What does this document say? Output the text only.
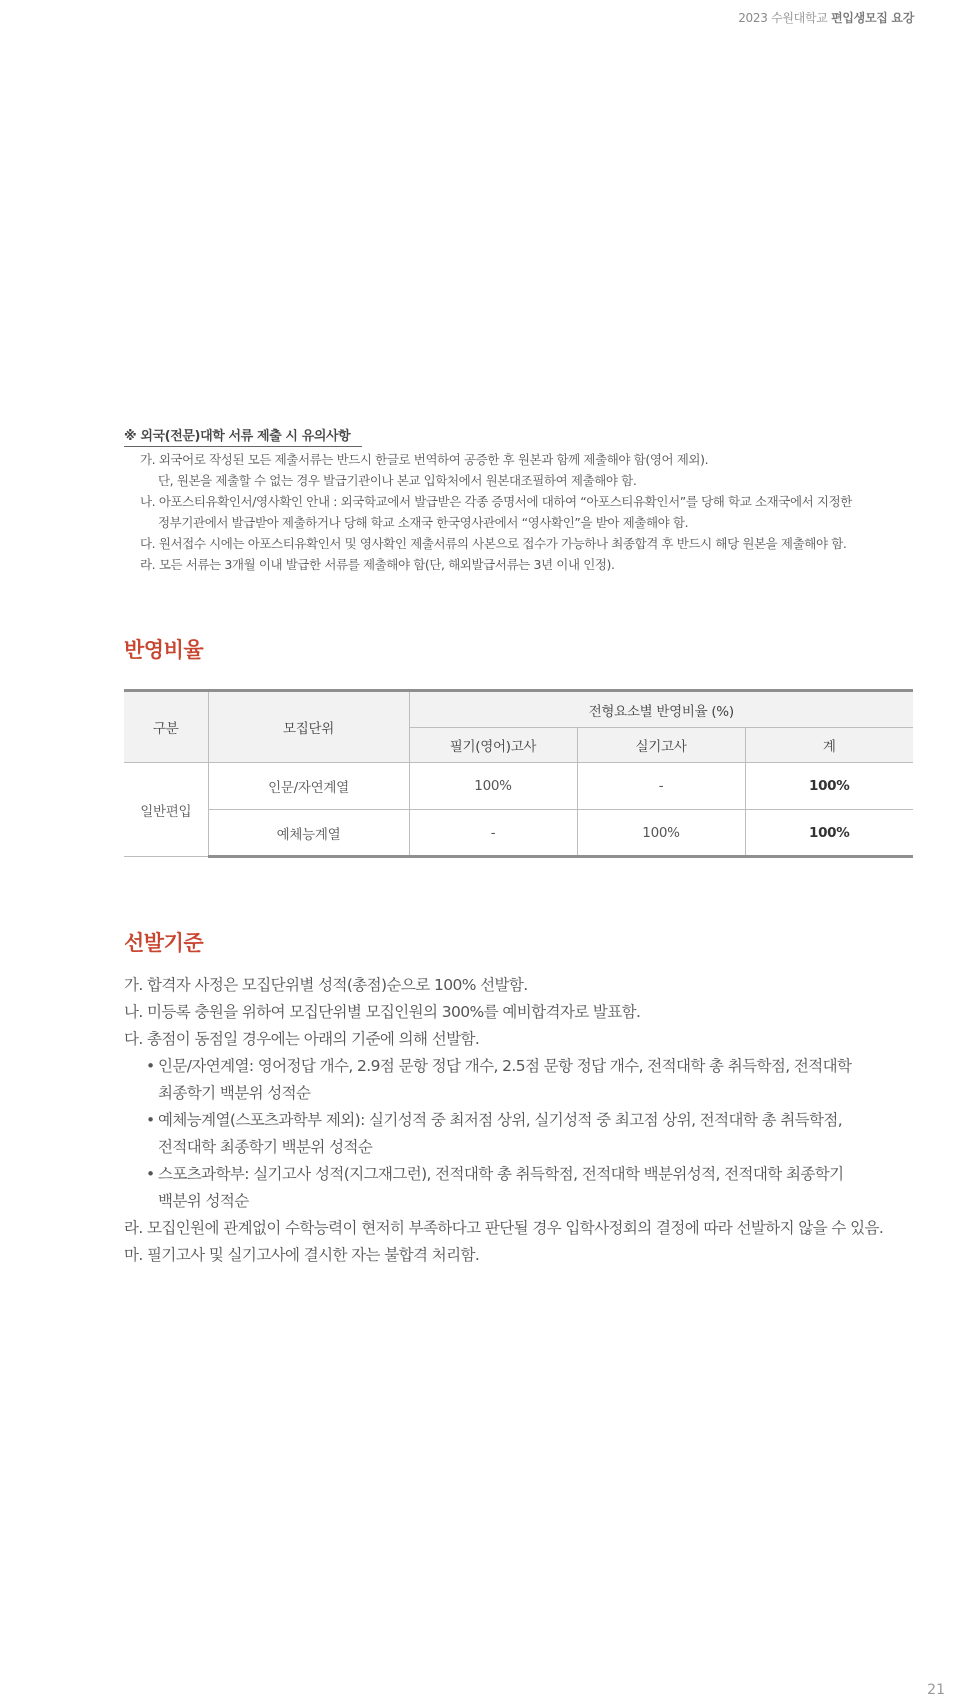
2023 수원대학교 편입생모집 요강
※ 외국(전문)대학 서류 제출 시 유의사항
가. 외국어로 작성된 모든 제출서류는 반드시 한글로 번역하여 공증한 후 원본과 함께 제출해야 함(영어 제외).
단, 원본을 제출할 수 없는 경우 발급기관이나 본교 입학처에서 원본대조필하여 제출해야 함.
나. 아포스티유확인서/영사확인 안내 : 외국학교에서 발급받은 각종 증명서에 대하여 “아포스티유확인서”를 당해 학교 소재국에서 지정한
정부기관에서 발급받아 제출하거나 당해 학교 소재국 한국영사관에서 “영사확인”을 받아 제출해야 함.
다. 원서접수 시에는 아포스티유확인서 및 영사확인 제출서류의 사본으로 접수가 가능하나 최종합격 후 반드시 해당 원본을 제출해야 함.
라. 모든 서류는 3개월 이내 발급한 서류를 제출해야 함(단, 해외발급서류는 3년 이내 인정).
반영비율
구분	모집단위	전형요소별 반영비율 (%)		
		필기(영어)고사	실기고사	계
일반편입	인문/자연계열	100%	-	100%
	예체능계열	-	100%	100%
선발기준
가. 합격자 사정은 모집단위별 성적(총점)순으로 100% 선발함.
나. 미등록 충원을 위하여 모집단위별 모집인원의 300%를 예비합격자로 발표함.
다. 총점이 동점일 경우에는 아래의 기준에 의해 선발함.
• 인문/자연계열: 영어정답 개수, 2.9점 문항 정답 개수, 2.5점 문항 정답 개수, 전적대학 총 취득학점, 전적대학
최종학기 백분위 성적순
• 예체능계열(스포츠과학부 제외): 실기성적 중 최저점 상위, 실기성적 중 최고점 상위, 전적대학 총 취득학점,
전적대학 최종학기 백분위 성적순
• 스포츠과학부: 실기고사 성적(지그재그런), 전적대학 총 취득학점, 전적대학 백분위성적, 전적대학 최종학기
백분위 성적순
라. 모집인원에 관계없이 수학능력이 현저히 부족하다고 판단될 경우 입학사정회의 결정에 따라 선발하지 않을 수 있음.
마. 필기고사 및 실기고사에 결시한 자는 불합격 처리함.
21
